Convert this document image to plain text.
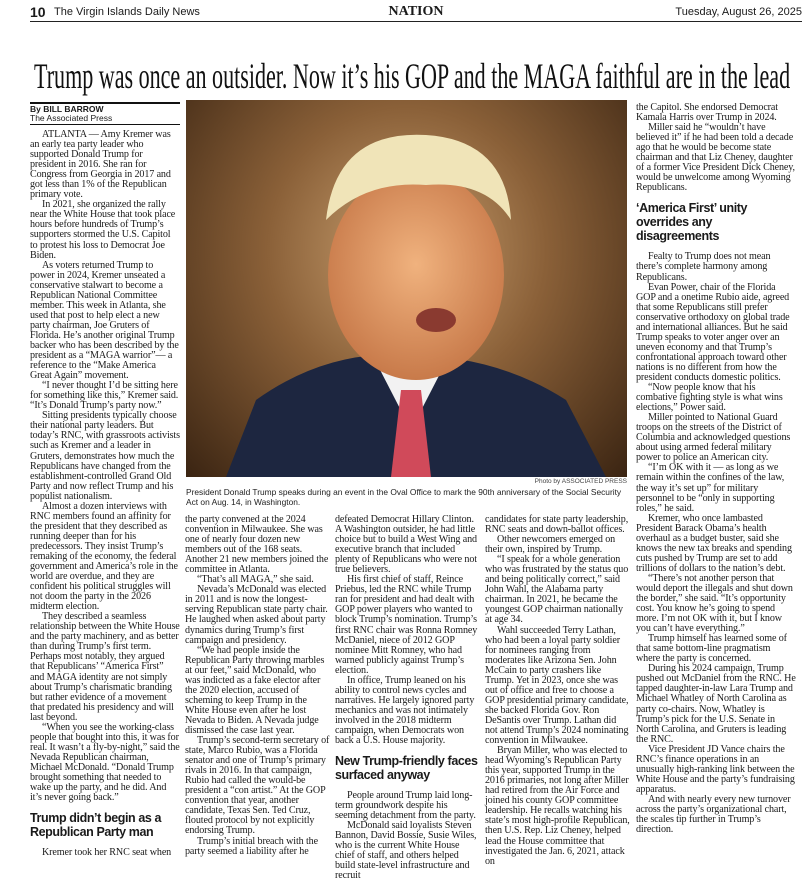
10 The Virgin Islands Daily News	NATION	Tuesday, August 26, 2025
Trump was once an outsider. Now it’s his GOP and the MAGA faithful are in the lead
By BILL BARROW
The Associated Press
Photo by ASSOCIATED PRESS
President Donald Trump speaks during an event in the Oval Office to mark the 90th anniversary of the Social Security Act on Aug. 14, in Washington.

ATLANTA — Amy Kremer was an early tea party leader who supported Donald Trump for president in 2016. She ran for Congress from Georgia in 2017 and got less than 1% of the Republican primary vote.

In 2021, she organized the rally near the White House that took place hours before hundreds of Trump’s supporters stormed the U.S. Capitol to protest his loss to Democrat Joe Biden.

As voters returned Trump to power in 2024, Kremer unseated a conservative stalwart to become a Republican National Committee member. This week in Atlanta, she used that post to help elect a new party chairman, Joe Gruters of Florida. He’s another original Trump backer who has been described by the president as a “MAGA warrior”— a reference to the “Make America Great Again” movement.

“I never thought I’d be sitting here for something like this,” Kremer said. “It’s Donald Trump’s party now.”

Sitting presidents typically choose their national party leaders. But today’s RNC, with grassroots activists such as Kremer and a leader in Gruters, demonstrates how much the Republicans have changed from the establishment-controlled Grand Old Party and now reflect Trump and his populist nationalism.

Almost a dozen interviews with RNC members found an affinity for the president that they described as running deeper than for his predecessors. They insist Trump’s remaking of the economy, the federal government and America’s role in the world are overdue, and they are confident his political struggles will not doom the party in the 2026 midterm election.

They described a seamless relationship between the White House and the party machinery, and as better than during Trump’s first term. Perhaps most notably, they argued that Republicans’ “America First” and MAGA identity are not simply about Trump’s charismatic branding but rather evidence of a movement that predated his presidency and will last beyond.

“When you see the working-class people that bought into this, it was for real. It wasn’t a fly-by-night,” said the Nevada Republican chairman, Michael McDonald. “Donald Trump brought something that needed to wake up the party, and he did. And it’s never going back.”

Trump didn’t begin as a Republican Party man

Kremer took her RNC seat when

the party convened at the 2024 convention in Milwaukee. She was one of nearly four dozen new members out of the 168 seats. Another 21 new members joined the committee in Atlanta.

“That’s all MAGA,” she said.

Nevada’s McDonald was elected in 2011 and is now the longest-serving Republican state party chair. He laughed when asked about party dynamics during Trump’s first campaign and presidency.

“We had people inside the Republican Party throwing marbles at our feet,” said McDonald, who was indicted as a fake elector after the 2020 election, accused of scheming to keep Trump in the White House even after he lost Nevada to Biden. A Nevada judge dismissed the case last year.

Trump’s second-term secretary of state, Marco Rubio, was a Florida senator and one of Trump’s primary rivals in 2016. In that campaign, Rubio had called the would-be president a “con artist.” At the GOP convention that year, another candidate, Texas Sen. Ted Cruz, flouted protocol by not explicitly endorsing Trump.

Trump’s initial breach with the party seemed a liability after he

defeated Democrat Hillary Clinton. A Washington outsider, he had little choice but to build a West Wing and executive branch that included plenty of Republicans who were not true believers.

His first chief of staff, Reince Priebus, led the RNC while Trump ran for president and had dealt with GOP power players who wanted to block Trump’s nomination. Trump’s first RNC chair was Ronna Romney McDaniel, niece of 2012 GOP nominee Mitt Romney, who had warned publicly against Trump’s election.

In office, Trump leaned on his ability to control news cycles and narratives. He largely ignored party mechanics and was not intimately involved in the 2018 midterm campaign, when Democrats won back a U.S. House majority.

New Trump-friendly faces surfaced anyway

People around Trump laid long-term groundwork despite his seeming detachment from the party.

McDonald said loyalists Steven Bannon, David Bossie, Susie Wiles, who is the current White House chief of staff, and others helped build state-level infrastructure and recruit

candidates for state party leadership, RNC seats and down-ballot offices.

Other newcomers emerged on their own, inspired by Trump.

“I speak for a whole generation who was frustrated by the status quo and being politically correct,” said John Wahl, the Alabama party chairman. In 2021, he became the youngest GOP chairman nationally at age 34.

Wahl succeeded Terry Lathan, who had been a loyal party soldier for nominees ranging from moderates like Arizona Sen. John McCain to party crashers like Trump. Yet in 2023, once she was out of office and free to choose a GOP presidential primary candidate, she backed Florida Gov. Ron DeSantis over Trump. Lathan did not attend Trump’s 2024 nominating convention in Milwaukee.

Bryan Miller, who was elected to head Wyoming’s Republican Party this year, supported Trump in the 2016 primaries, not long after Miller had retired from the Air Force and joined his county GOP committee leadership. He recalls watching his state’s most high-profile Republican, then U.S. Rep. Liz Cheney, helped lead the House committee that investigated the Jan. 6, 2021, attack on

the Capitol. She endorsed Democrat Kamala Harris over Trump in 2024.

Miller said he “wouldn’t have believed it” if he had been told a decade ago that he would be become state chairman and that Liz Cheney, daughter of a former Vice President Dick Cheney, would be unwelcome among Wyoming Republicans.

‘America First’ unity overrides any disagreements

Fealty to Trump does not mean there’s complete harmony among Republicans.

Evan Power, chair of the Florida GOP and a onetime Rubio aide, agreed that some Republicans still prefer conservative orthodoxy on global trade and international alliances. But he said Trump speaks to voter anger over an uneven economy and that Trump’s confrontational approach toward other nations is no different from how the president conducts domestic politics.

“Now people know that his combative fighting style is what wins elections,” Power said.

Miller pointed to National Guard troops on the streets of the District of Columbia and acknowledged questions about using armed federal military power to police an American city.

“I’m OK with it — as long as we remain within the confines of the law, the way it’s set up” for military personnel to be “only in supporting roles,” he said.

Kremer, who once lambasted President Barack Obama’s health overhaul as a budget buster, said she knows the new tax breaks and spending cuts pushed by Trump are set to add trillions of dollars to the nation’s debt.

“There’s not another person that would deport the illegals and shut down the border,” she said. “It’s opportunity cost. You know he’s going to spend more. I’m not OK with it, but I know you can’t have everything.”

Trump himself has learned some of that same bottom-line pragmatism where the party is concerned.

During his 2024 campaign, Trump pushed out McDaniel from the RNC. He tapped daughter-in-law Lara Trump and Michael Whatley of North Carolina as party co-chairs. Now, Whatley is Trump’s pick for the U.S. Senate in North Carolina, and Gruters is leading the RNC.

Vice President JD Vance chairs the RNC’s finance operations in an unusually high-ranking link between the White House and the party’s fundraising apparatus.

And with nearly every new turnover across the party’s organizational chart, the scales tip further in Trump’s direction.
